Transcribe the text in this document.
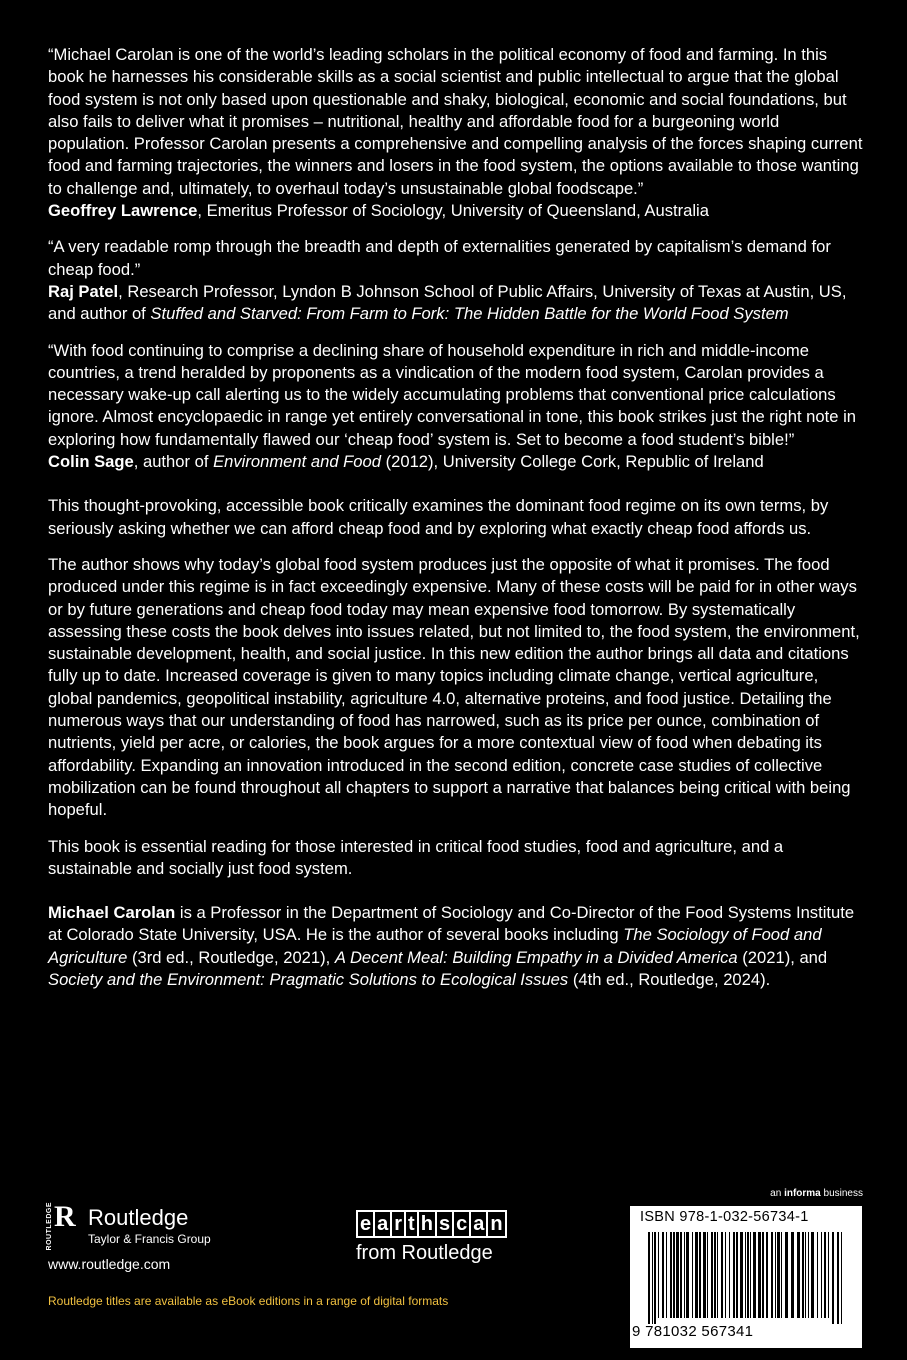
“Michael Carolan is one of the world’s leading scholars in the political economy of food and farming. In this book he harnesses his considerable skills as a social scientist and public intellectual to argue that the global food system is not only based upon questionable and shaky, biological, economic and social foundations, but also fails to deliver what it promises – nutritional, healthy and affordable food for a burgeoning world population. Professor Carolan presents a comprehensive and compelling analysis of the forces shaping current food and farming trajectories, the winners and losers in the food system, the options available to those wanting to challenge and, ultimately, to overhaul today’s unsustainable global foodscape.”
Geoffrey Lawrence, Emeritus Professor of Sociology, University of Queensland, Australia

“A very readable romp through the breadth and depth of externalities generated by capitalism’s demand for cheap food.”
Raj Patel, Research Professor, Lyndon B Johnson School of Public Affairs, University of Texas at Austin, US, and author of Stuffed and Starved: From Farm to Fork: The Hidden Battle for the World Food System

“With food continuing to comprise a declining share of household expenditure in rich and middle-income countries, a trend heralded by proponents as a vindication of the modern food system, Carolan provides a necessary wake-up call alerting us to the widely accumulating problems that conventional price calculations ignore. Almost encyclopaedic in range yet entirely conversational in tone, this book strikes just the right note in exploring how fundamentally flawed our ‘cheap food’ system is. Set to become a food student’s bible!”
Colin Sage, author of Environment and Food (2012), University College Cork, Republic of Ireland

This thought-provoking, accessible book critically examines the dominant food regime on its own terms, by seriously asking whether we can afford cheap food and by exploring what exactly cheap food affords us.

The author shows why today’s global food system produces just the opposite of what it promises. The food produced under this regime is in fact exceedingly expensive. Many of these costs will be paid for in other ways or by future generations and cheap food today may mean expensive food tomorrow. By systematically assessing these costs the book delves into issues related, but not limited to, the food system, the environment, sustainable development, health, and social justice. In this new edition the author brings all data and citations fully up to date. Increased coverage is given to many topics including climate change, vertical agriculture, global pandemics, geopolitical instability, agriculture 4.0, alternative proteins, and food justice. Detailing the numerous ways that our understanding of food has narrowed, such as its price per ounce, combination of nutrients, yield per acre, or calories, the book argues for a more contextual view of food when debating its affordability. Expanding an innovation introduced in the second edition, concrete case studies of collective mobilization can be found throughout all chapters to support a narrative that balances being critical with being hopeful.

This book is essential reading for those interested in critical food studies, food and agriculture, and a sustainable and socially just food system.

Michael Carolan is a Professor in the Department of Sociology and Co-Director of the Food Systems Institute at Colorado State University, USA. He is the author of several books including The Sociology of Food and Agriculture (3rd ed., Routledge, 2021), A Decent Meal: Building Empathy in a Divided America (2021), and Society and the Environment: Pragmatic Solutions to Ecological Issues (4th ed., Routledge, 2024).

ROUTLEDGE R Routledge
Taylor & Francis Group
www.routledge.com
Routledge titles are available as eBook editions in a range of digital formats
e a r t h s c a n
from Routledge
an informa business
ISBN 978-1-032-56734-1
9 781032 567341
